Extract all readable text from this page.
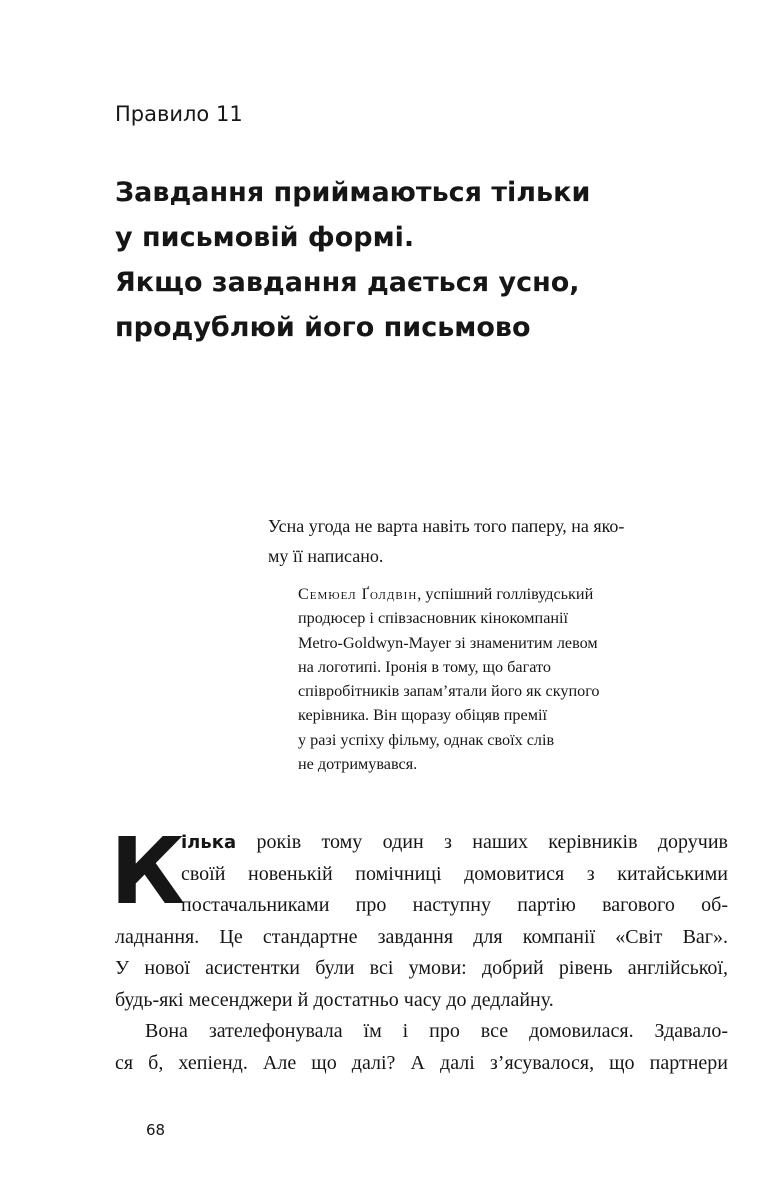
Правило 11
Завдання приймаються тільки
у письмовій формі.
Якщо завдання дається усно,
продублюй його письмово
Усна угода не варта навіть того паперу, на яко-
му її написано.
Семюел Ґолдвін, успішний голлівудський
продюсер і співзасновник кінокомпанії
Metro-Goldwyn-Mayer зі знаменитим левом
на логотипі. Іронія в тому, що багато
співробітників запам’ятали його як скупого
керівника. Він щоразу обіцяв премії
у разі успіху фільму, однак своїх слів
не дотримувався.
К
ілька років тому один з наших керівників доручив
своїй новенькій помічниці домовитися з китайськими
постачальниками про наступну партію вагового об-
ладнання. Це стандартне завдання для компанії «Світ Ваг».
У нової асистентки були всі умови: добрий рівень англійської,
будь-які месенджери й достатньо часу до дедлайну.
Вона зателефонувала їм і про все домовилася. Здавало-
ся б, хепіенд. Але що далі? А далі з’ясувалося, що партнери
68
